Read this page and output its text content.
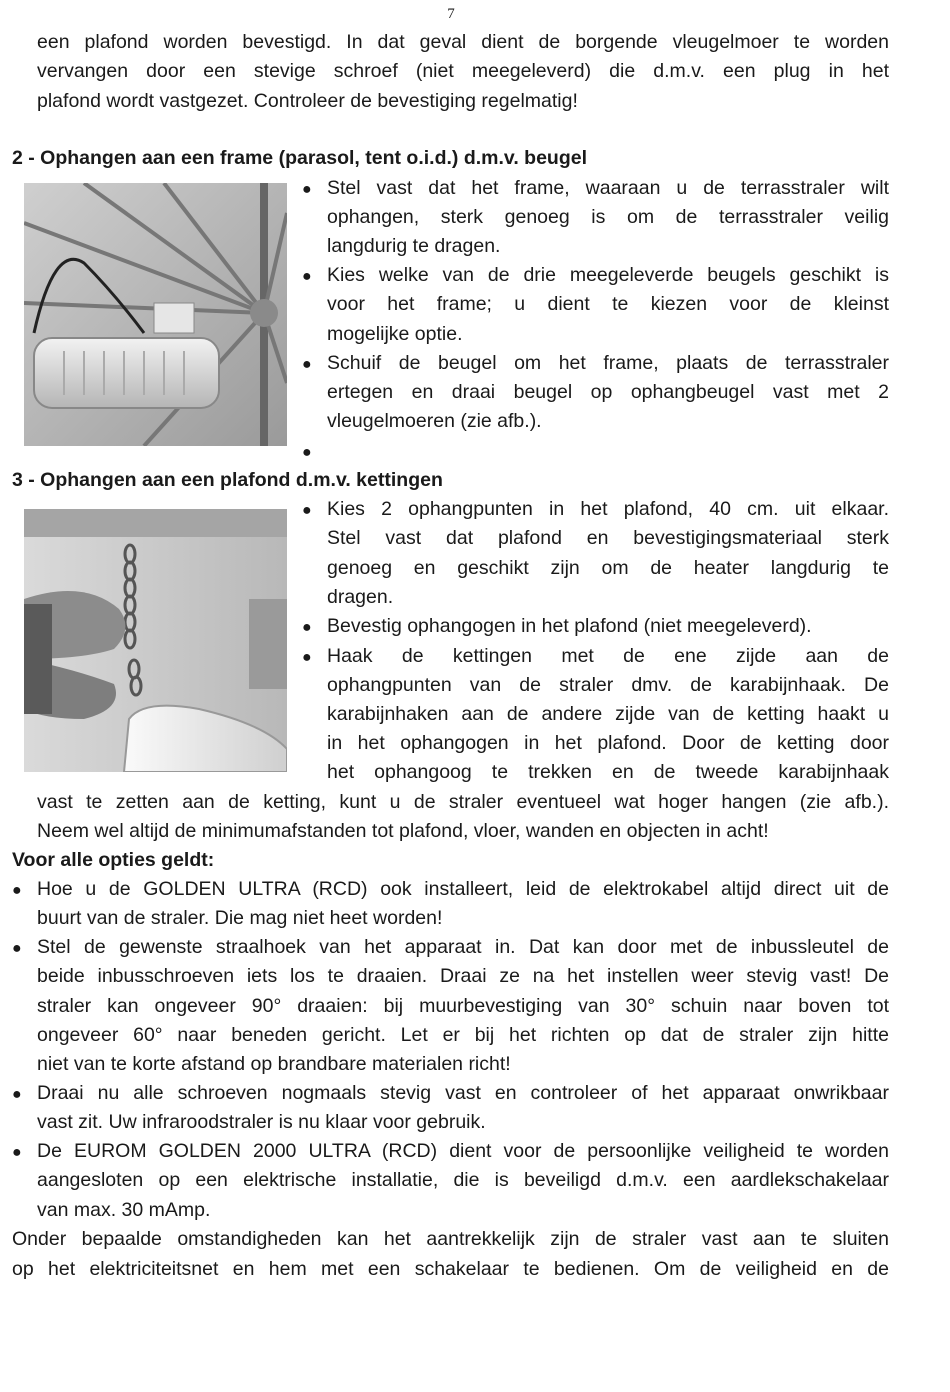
7
een plafond worden bevestigd. In dat geval dient de borgende vleugelmoer te worden
vervangen door een stevige schroef (niet meegeleverd) die d.m.v. een plug in het
plafond wordt vastgezet. Controleer de bevestiging regelmatig!
2 - Ophangen aan een frame (parasol, tent o.i.d.) d.m.v. beugel
● Stel vast dat het frame, waaraan u de terrasstraler wilt
ophangen, sterk genoeg is om de terrasstraler veilig
langdurig te dragen.
● Kies welke van de drie meegeleverde beugels geschikt is
voor het frame; u dient te kiezen voor de kleinst
mogelijke optie.
● Schuif de beugel om het frame, plaats de terrasstraler
ertegen en draai beugel op ophangbeugel vast met 2
vleugelmoeren (zie afb.).
●
3 - Ophangen aan een plafond d.m.v. kettingen
● Kies 2 ophangpunten in het plafond, 40 cm. uit elkaar.
Stel vast dat plafond en bevestigingsmateriaal sterk
genoeg en geschikt zijn om de heater langdurig te
dragen.
● Bevestig ophangogen in het plafond (niet meegeleverd).
● Haak de kettingen met de ene zijde aan de
ophangpunten van de straler dmv. de karabijnhaak. De
karabijnhaken aan de andere zijde van de ketting haakt u
in het ophangogen in het plafond. Door de ketting door
het ophangoog te trekken en de tweede karabijnhaak
vast te zetten aan de ketting, kunt u de straler eventueel wat hoger hangen (zie afb.).
Neem wel altijd de minimumafstanden tot plafond, vloer, wanden en objecten in acht!
Voor alle opties geldt:
● Hoe u de GOLDEN ULTRA (RCD) ook installeert, leid de elektrokabel altijd direct uit de
buurt van de straler. Die mag niet heet worden!
● Stel de gewenste straalhoek van het apparaat in. Dat kan door met de inbussleutel de
beide inbusschroeven iets los te draaien. Draai ze na het instellen weer stevig vast! De
straler kan ongeveer 90° draaien: bij muurbevestiging van 30° schuin naar boven tot
ongeveer 60° naar beneden gericht. Let er bij het richten op dat de straler zijn hitte
niet van te korte afstand op brandbare materialen richt!
● Draai nu alle schroeven nogmaals stevig vast en controleer of het apparaat onwrikbaar
vast zit. Uw infraroodstraler is nu klaar voor gebruik.
● De EUROM GOLDEN 2000 ULTRA (RCD) dient voor de persoonlijke veiligheid te worden
aangesloten op een elektrische installatie, die is beveiligd d.m.v. een aardlekschakelaar
van max. 30 mAmp.
Onder bepaalde omstandigheden kan het aantrekkelijk zijn de straler vast aan te sluiten
op het elektriciteitsnet en hem met een schakelaar te bedienen. Om de veiligheid en de
